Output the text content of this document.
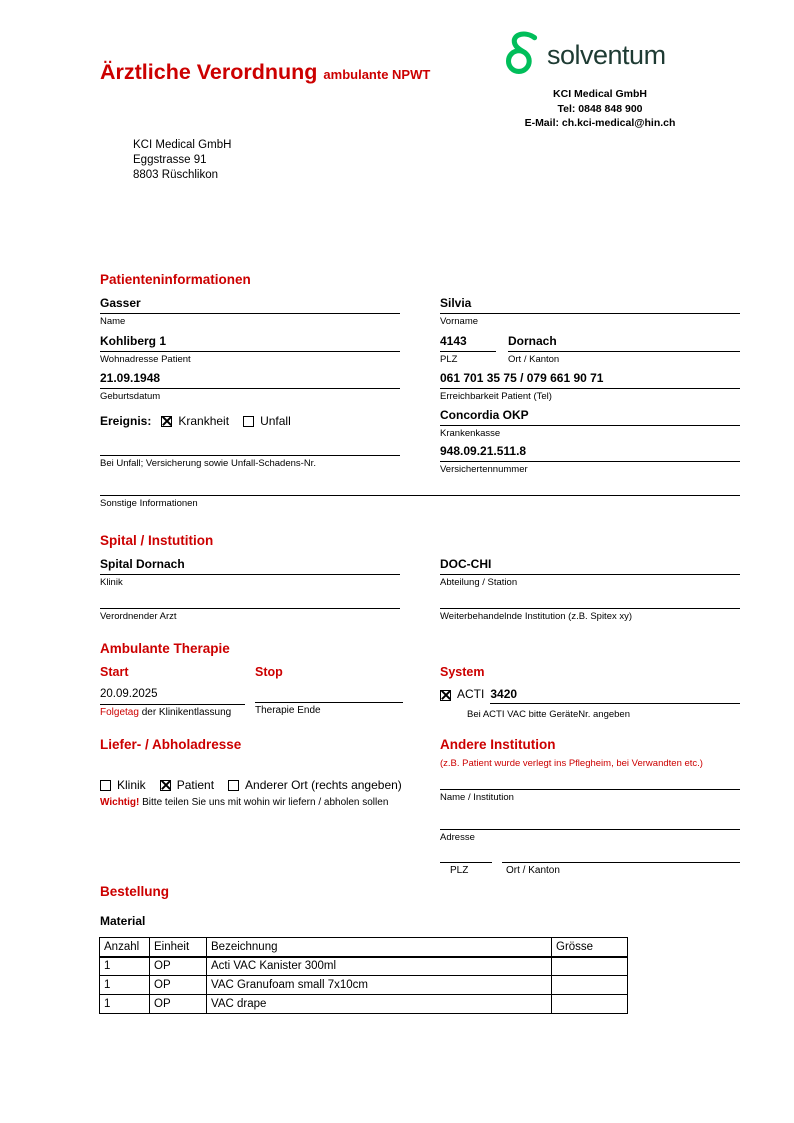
Ärztliche Verordnung ambulante NPWT
solventum
KCI Medical GmbH
Tel: 0848 848 900
E-Mail: ch.kci-medical@hin.ch
KCI Medical GmbH
Eggstrasse 91
8803 Rüschlikon
Patienteninformationen
Gasser
Name
Silvia
Vorname
Kohliberg 1
Wohnadresse Patient
4143
PLZ
Dornach
Ort / Kanton
21.09.1948
Geburtsdatum
061 701 35 75 / 079 661 90 71
Erreichbarkeit Patient (Tel)
Ereignis: Krankheit	Unfall	Concordia OKP
Krankenkasse
Bei Unfall; Versicherung sowie Unfall-Schadens-Nr.
948.09.21.511.8
Versichertennummer
Sonstige Informationen
Spital / Instutition
Spital Dornach
Klinik
DOC-CHI
Abteilung / Station
Verordnender Arzt	Weiterbehandelnde Institution (z.B. Spitex xy)
Ambulante Therapie
Start	Stop	System
20.09.2025
Folgetag der Klinikentlassung	Therapie Ende
ACTI 3420
Bei ACTI VAC bitte GeräteNr. angeben
Liefer- / Abholadresse
Klinik	Patient	Anderer Ort (rechts angeben)
Wichtig! Bitte teilen Sie uns mit wohin wir liefern / abholen sollen
Andere Institution
(z.B. Patient wurde verlegt ins Pflegheim, bei Verwandten etc.)
Name / Institution
Adresse
PLZ	Ort / Kanton
Bestellung
Material
Anzahl	Einheit	Bezeichnung	Grösse
1	OP	Acti VAC Kanister 300ml	
1	OP	VAC Granufoam small 7x10cm	
1	OP	VAC drape	
